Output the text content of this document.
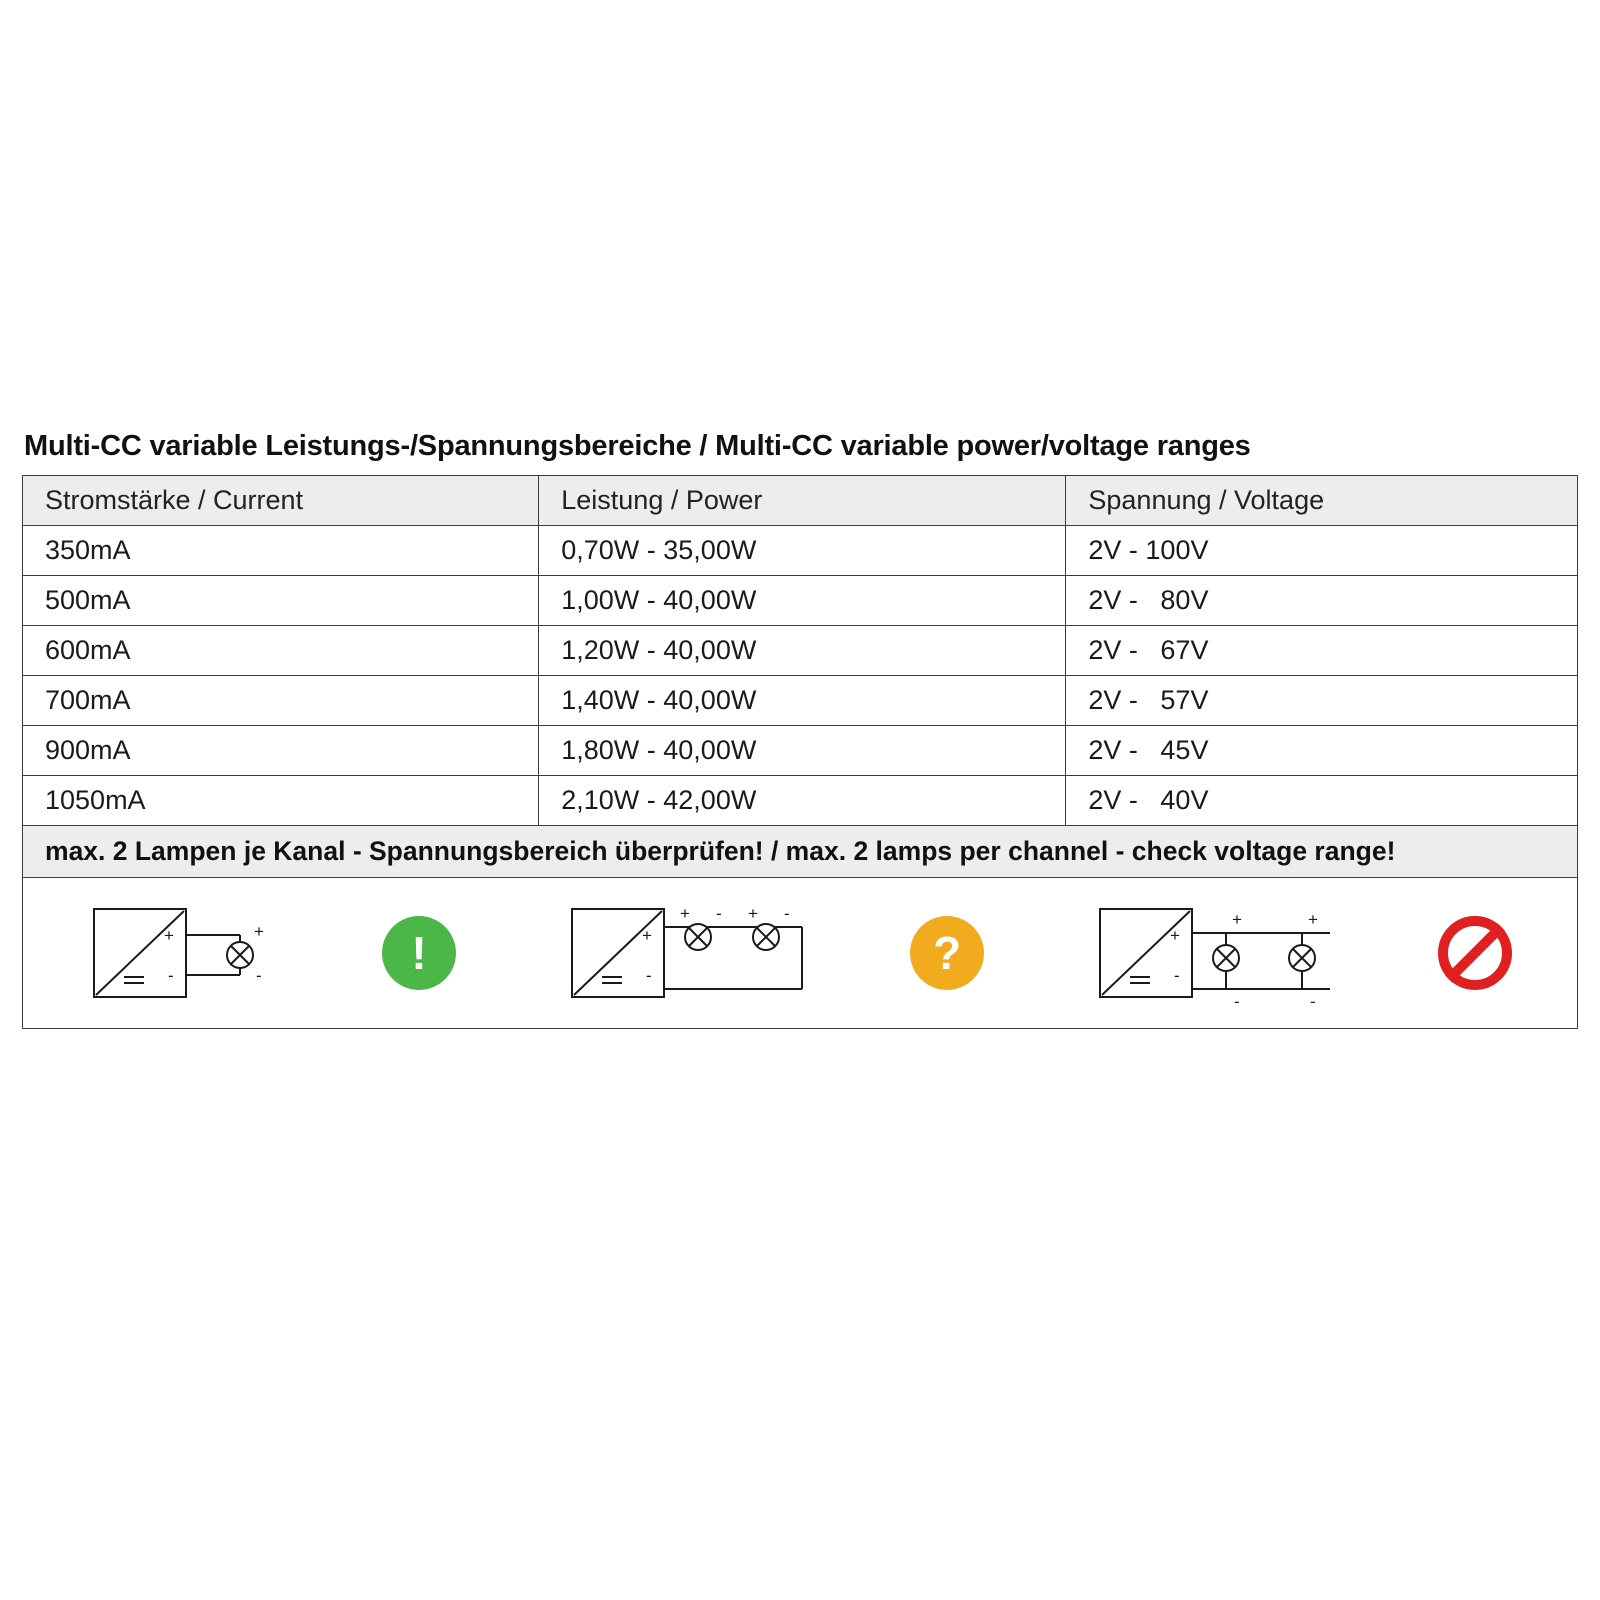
Multi-CC variable Leistungs-/Spannungsbereiche / Multi-CC variable power/voltage ranges
Stromstärke / Current	Leistung / Power	Spannung / Voltage

350mA	0,70W - 35,00W	2V - 100V

500mA	1,00W - 40,00W	2V -   80V

600mA	1,20W - 40,00W	2V -   67V

700mA	1,40W - 40,00W	2V -   57V

900mA	1,80W - 40,00W	2V -   45V

1050mA	2,10W - 42,00W	2V -   40V

max. 2 Lampen je Kanal - Spannungsbereich überprüfen! / max. 2 lamps per channel - check voltage range!		

+
-
+
-	!	+
-
+ - + -
?	+
-
+
-
+
-
